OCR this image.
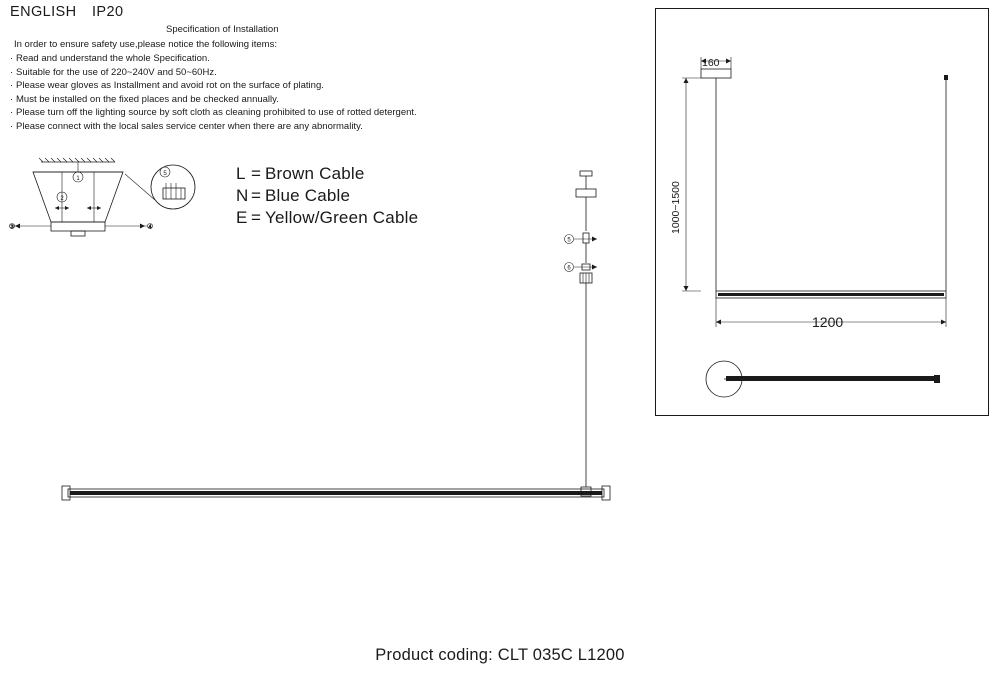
ENGLISH IP20
Specification of Installation
In order to ensure safety use,please notice the following items:
· Read and understand the whole Specification.
· Suitable for the use of 220~240V and 50~60Hz.
· Please wear gloves as Installment and avoid rot on the surface of plating.
· Must be installed on the fixed places and be checked annually.
· Please turn off the lighting source by soft cloth as cleaning prohibited to use of rotted detergent.
· Please connect with the local sales service center when there are any abnormality.
L = Brown Cable
N = Blue Cable
E = Yellow/Green Cable
1
2
3	4
5
5
6
160
1000~1500
1200
Product coding: CLT 035C L1200
